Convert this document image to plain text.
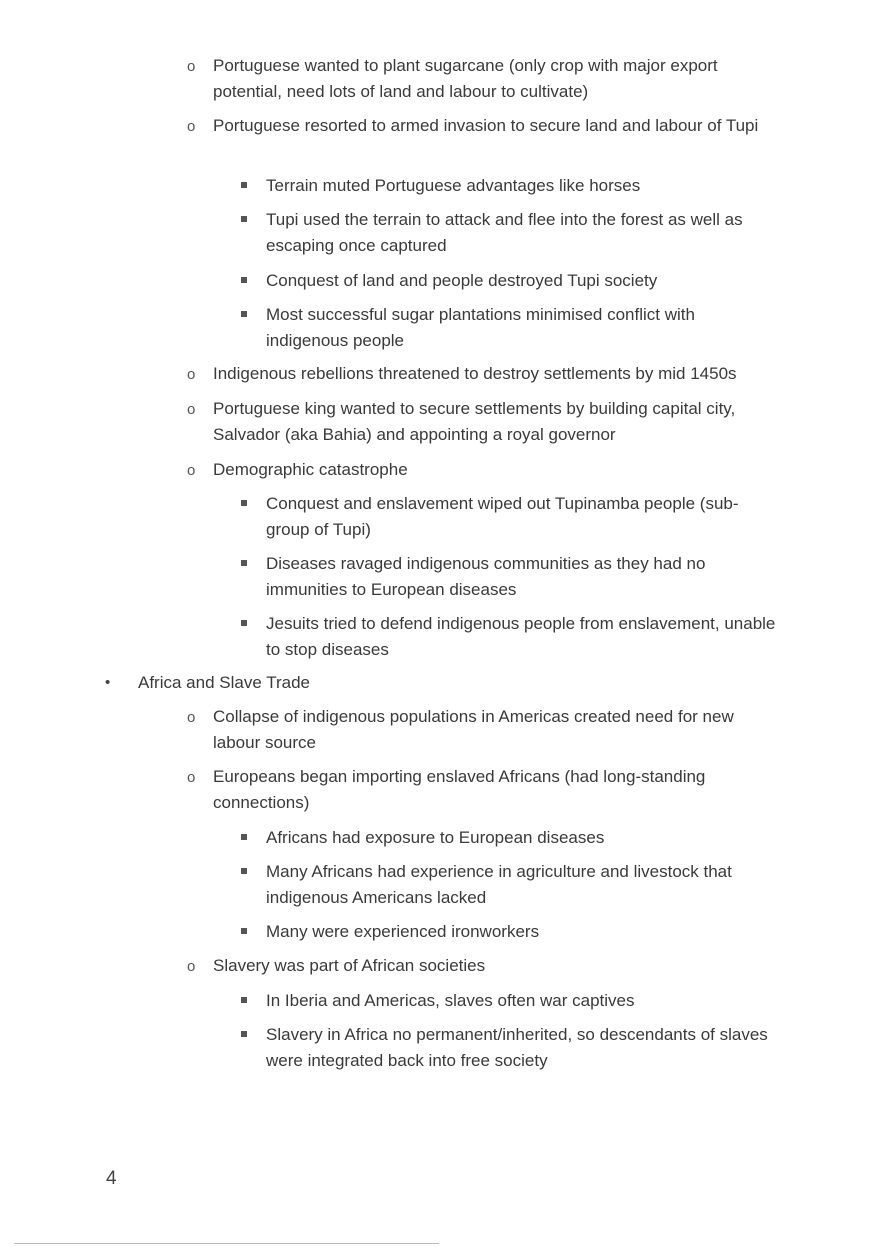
o Portuguese wanted to plant sugarcane (only crop with major export potential, need lots of land and labour to cultivate)
o Portuguese resorted to armed invasion to secure land and labour of Tupi
Terrain muted Portuguese advantages like horses
Tupi used the terrain to attack and flee into the forest as well as escaping once captured
Conquest of land and people destroyed Tupi society
Most successful sugar plantations minimised conflict with indigenous people
o Indigenous rebellions threatened to destroy settlements by mid 1450s
o Portuguese king wanted to secure settlements by building capital city, Salvador (aka Bahia) and appointing a royal governor
o Demographic catastrophe
Conquest and enslavement wiped out Tupinamba people (sub-group of Tupi)
Diseases ravaged indigenous communities as they had no immunities to European diseases
Jesuits tried to defend indigenous people from enslavement, unable to stop diseases
• Africa and Slave Trade
o Collapse of indigenous populations in Americas created need for new labour source
o Europeans began importing enslaved Africans (had long-standing connections)
Africans had exposure to European diseases
Many Africans had experience in agriculture and livestock that indigenous Americans lacked
Many were experienced ironworkers
o Slavery was part of African societies
In Iberia and Americas, slaves often war captives
Slavery in Africa no permanent/inherited, so descendants of slaves were integrated back into free society
4
